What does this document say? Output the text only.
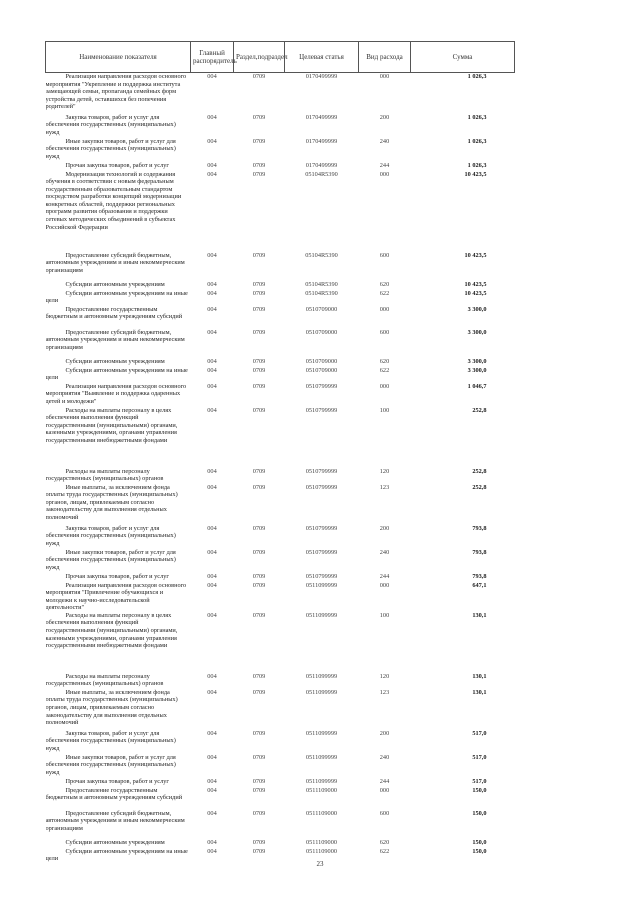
Наименование показателя	Главный распорядитель	Раздел,подраздел	Целевая статья	Вид расхода	Сумма
Реализация направления расходов основного мероприятия "Укрепление и поддержка института замещающей семьи, пропаганда семейных форм устройства детей, оставшихся без попечения родителей"	004	0709	0170499999	000	1 026,3
Закупка товаров, работ и услуг для обеспечения государственных (муниципальных) нужд	004	0709	0170499999	200	1 026,3
Иные закупки товаров, работ и услуг для обеспечения государственных (муниципальных) нужд	004	0709	0170499999	240	1 026,3
Прочая закупка товаров, работ и услуг	004	0709	0170499999	244	1 026,3
Модернизация технологий и содержания обучения в соответствии с новым федеральным государственным образовательным стандартом посредством разработки концепций модернизации конкретных областей, поддержки региональных программ развития образования и поддержки сетевых методических объединений в субъектах Российской Федерации	004	0709	05104R5390	000	10 423,5
Предоставление субсидий бюджетным, автономным учреждениям и иным некоммерческим организациям	004	0709	05104R5390	600	10 423,5
Субсидии автономным учреждениям	004	0709	05104R5390	620	10 423,5
Субсидии автономным учреждениям на иные цели	004	0709	05104R5390	622	10 423,5
Предоставление государственным бюджетным и автономным учреждениям субсидий	004	0709	0510709000	000	3 300,0
Предоставление субсидий бюджетным, автономным учреждениям и иным некоммерческим организациям	004	0709	0510709000	600	3 300,0
Субсидии автономным учреждениям	004	0709	0510709000	620	3 300,0
Субсидии автономным учреждениям на иные цели	004	0709	0510709000	622	3 300,0
Реализация направления расходов основного мероприятия "Выявление и поддержка одаренных детей и молодежи"	004	0709	0510799999	000	1 046,7
Расходы на выплаты персоналу в целях обеспечения выполнения функций государственными (муниципальными) органами, казенными учреждениями, органами управления государственными внебюджетными фондами	004	0709	0510799999	100	252,8
Расходы на выплаты персоналу государственных (муниципальных) органов	004	0709	0510799999	120	252,8
Иные выплаты, за исключением фонда оплаты труда государственных (муниципальных) органов, лицам, привлекаемым согласно законодательству для выполнения отдельных полномочий	004	0709	0510799999	123	252,8
Закупка товаров, работ и услуг для обеспечения государственных (муниципальных) нужд	004	0709	0510799999	200	793,8
Иные закупки товаров, работ и услуг для обеспечения государственных (муниципальных) нужд	004	0709	0510799999	240	793,8
Прочая закупка товаров, работ и услуг	004	0709	0510799999	244	793,8
Реализация направления расходов основного мероприятия "Привлечение обучающихся и молодежи к научно-исследовательской деятельности"	004	0709	0511099999	000	647,1
Расходы на выплаты персоналу в целях обеспечения выполнения функций государственными (муниципальными) органами, казенными учреждениями, органами управления государственными внебюджетными фондами	004	0709	0511099999	100	130,1
Расходы на выплаты персоналу государственных (муниципальных) органов	004	0709	0511099999	120	130,1
Иные выплаты, за исключением фонда оплаты труда государственных (муниципальных) органов, лицам, привлекаемым согласно законодательству для выполнения отдельных полномочий	004	0709	0511099999	123	130,1
Закупка товаров, работ и услуг для обеспечения государственных (муниципальных) нужд	004	0709	0511099999	200	517,0
Иные закупки товаров, работ и услуг для обеспечения государственных (муниципальных) нужд	004	0709	0511099999	240	517,0
Прочая закупка товаров, работ и услуг	004	0709	0511099999	244	517,0
Предоставление государственным бюджетным и автономным учреждениям субсидий	004	0709	0511109000	000	150,0
Предоставление субсидий бюджетным, автономным учреждениям и иным некоммерческим организациям	004	0709	0511109000	600	150,0
Субсидии автономным учреждениям	004	0709	0511109000	620	150,0
Субсидии автономным учреждениям на иные цели	004	0709	0511109000	622	150,0
23
